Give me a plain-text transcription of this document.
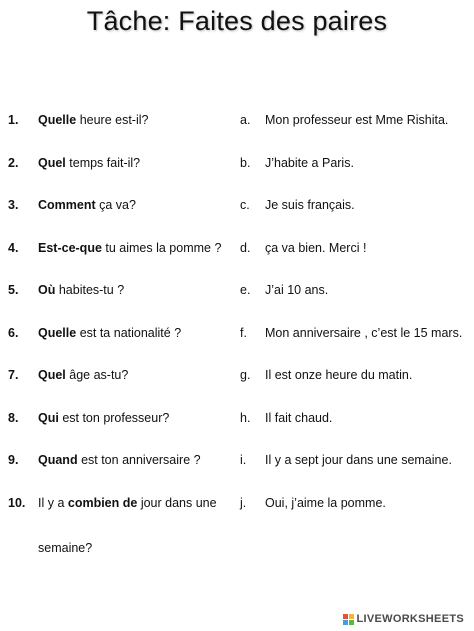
Tâche: Faites des paires
1. Quelle heure est-il?
2. Quel temps fait-il?
3. Comment ça va?
4. Est-ce-que tu aimes la pomme ?
5. Où habites-tu ?
6. Quelle est ta nationalité ?
7. Quel âge as-tu?
8. Qui est ton professeur?
9. Quand est ton anniversaire ?
10. Il y a combien de jour dans une
semaine?
a. Mon professeur est Mme Rishita.
b. J’habite a Paris.
c. Je suis français.
d. ça va bien. Merci !
e. J’ai 10 ans.
f. Mon anniversaire , c’est le 15 mars.
g. Il est onze heure du matin.
h. Il fait chaud.
i. Il y a sept jour dans une semaine.
j. Oui, j’aime la pomme.
LIVEWORKSHEETS
